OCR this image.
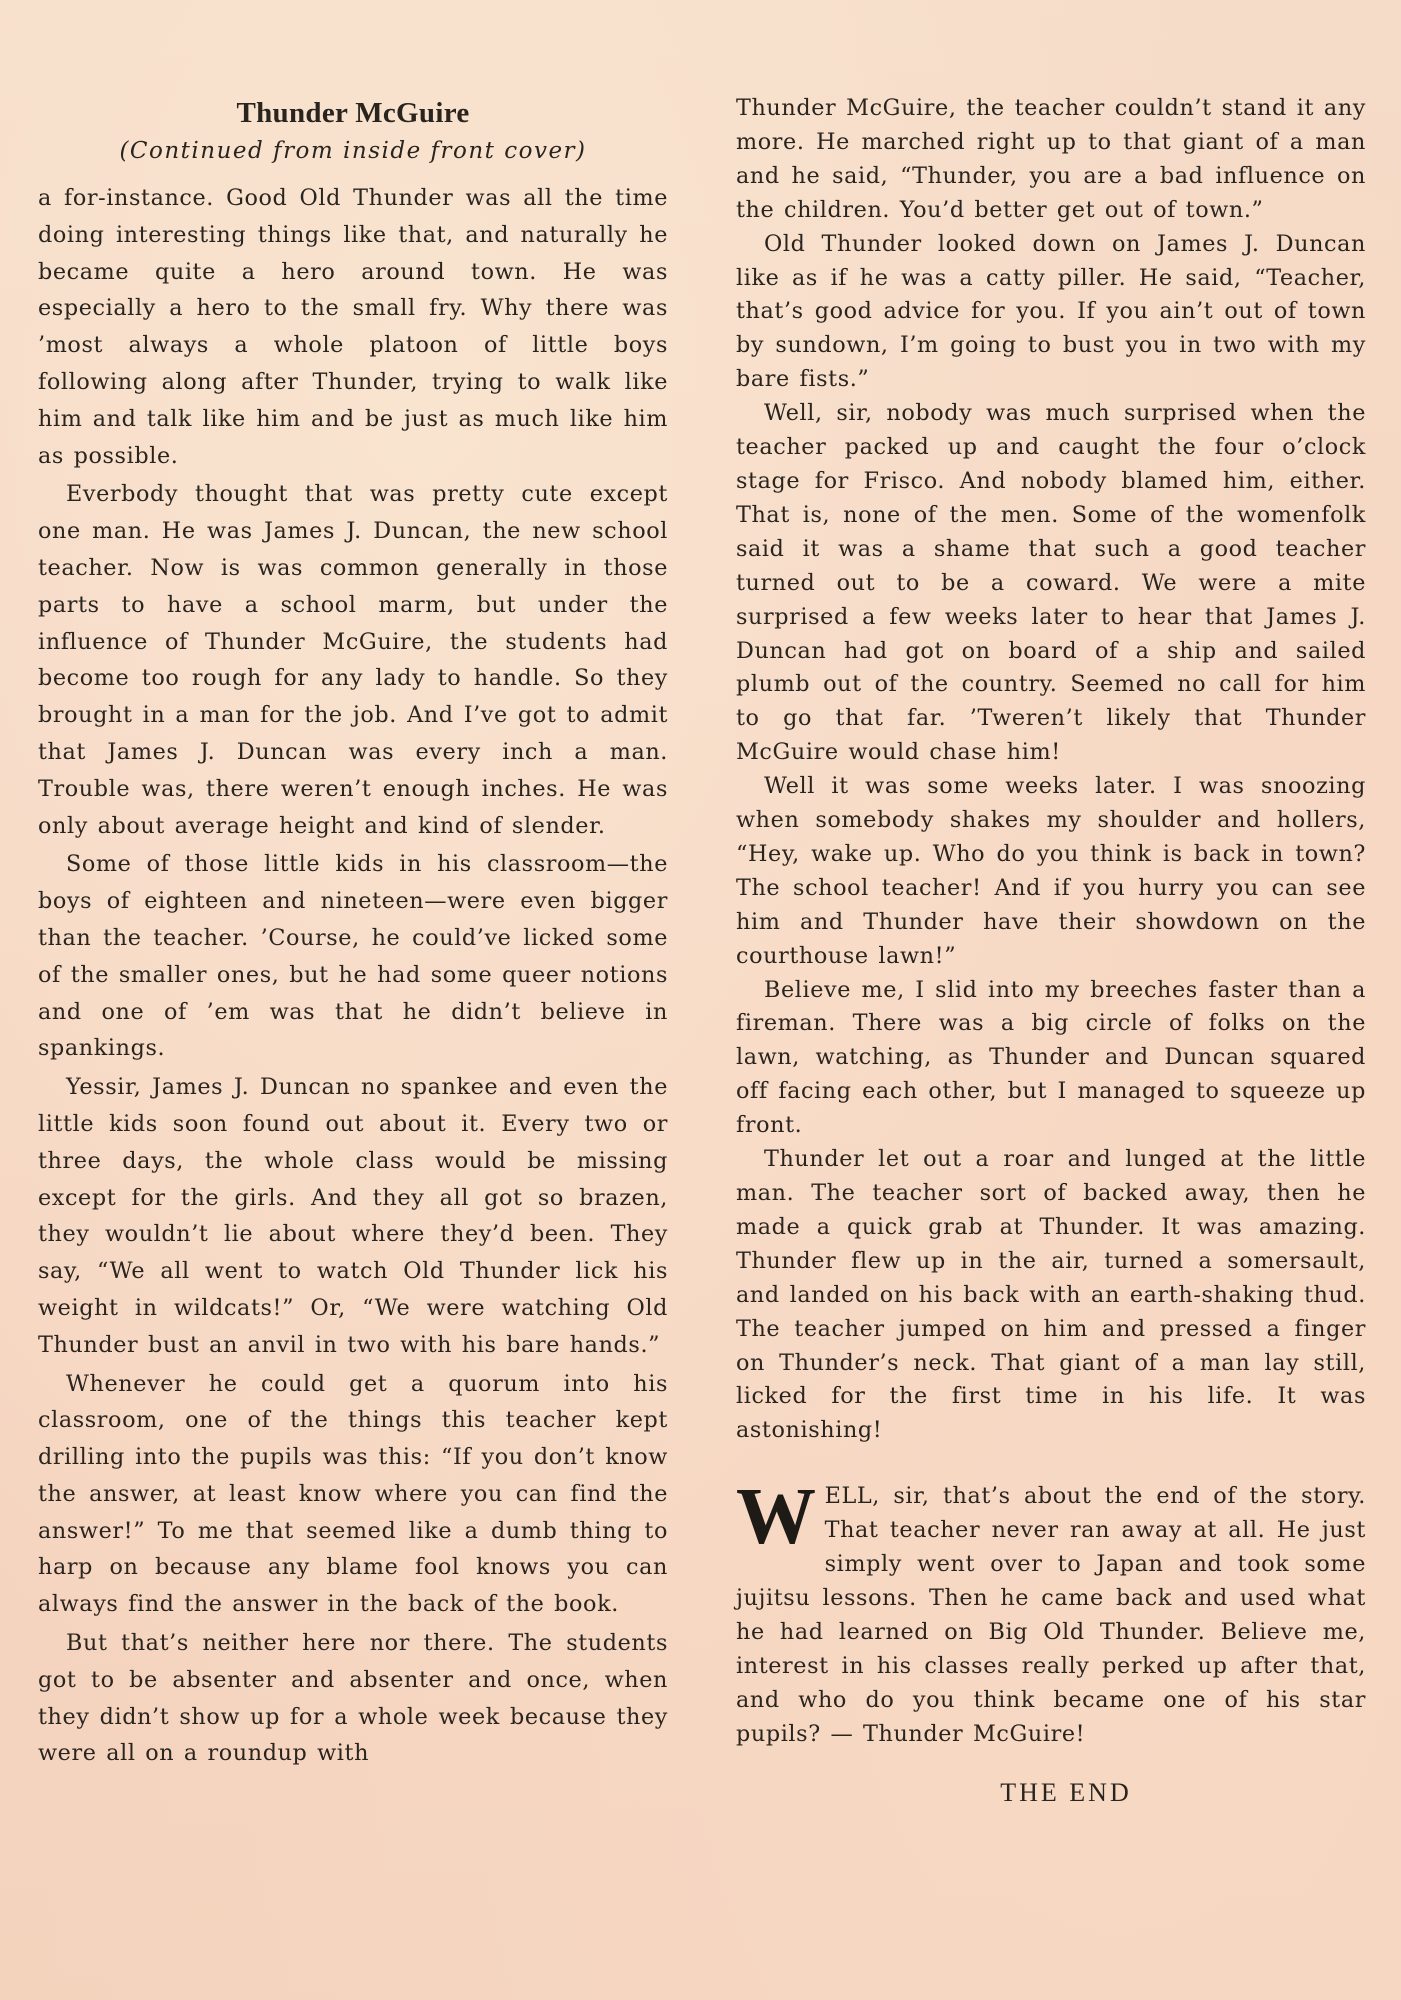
Thunder McGuire
(Continued from inside front cover)

a for-instance. Good Old Thunder was all the time doing interesting things like that, and naturally he became quite a hero around town. He was especially a hero to the small fry. Why there was ’most always a whole platoon of little boys following along after Thunder, trying to walk like him and talk like him and be just as much like him as possible.

Everbody thought that was pretty cute except one man. He was James J. Duncan, the new school teacher. Now is was common generally in those parts to have a school marm, but under the influence of Thunder McGuire, the students had become too rough for any lady to handle. So they brought in a man for the job. And I’ve got to admit that James J. Duncan was every inch a man. Trouble was, there weren’t enough inches. He was only about average height and kind of slender.

Some of those little kids in his classroom—the boys of eighteen and nineteen—were even bigger than the teacher. ’Course, he could’ve licked some of the smaller ones, but he had some queer notions and one of ’em was that he didn’t believe in spankings.

Yessir, James J. Duncan no spankee and even the little kids soon found out about it. Every two or three days, the whole class would be missing except for the girls. And they all got so brazen, they wouldn’t lie about where they’d been. They say, “We all went to watch Old Thunder lick his weight in wildcats!” Or, “We were watching Old Thunder bust an anvil in two with his bare hands.”

Whenever he could get a quorum into his classroom, one of the things this teacher kept drilling into the pupils was this: “If you don’t know the answer, at least know where you can find the answer!” To me that seemed like a dumb thing to harp on because any blame fool knows you can always find the answer in the back of the book.

But that’s neither here nor there. The students got to be absenter and absenter and once, when they didn’t show up for a whole week because they were all on a roundup with

Thunder McGuire, the teacher couldn’t stand it any more. He marched right up to that giant of a man and he said, “Thunder, you are a bad influence on the children. You’d better get out of town.”

Old Thunder looked down on James J. Duncan like as if he was a catty piller. He said, “Teacher, that’s good advice for you. If you ain’t out of town by sundown, I’m going to bust you in two with my bare fists.”

Well, sir, nobody was much surprised when the teacher packed up and caught the four o’clock stage for Frisco. And nobody blamed him, either. That is, none of the men. Some of the womenfolk said it was a shame that such a good teacher turned out to be a coward. We were a mite surprised a few weeks later to hear that James J. Duncan had got on board of a ship and sailed plumb out of the country. Seemed no call for him to go that far. ’Tweren’t likely that Thunder McGuire would chase him!

Well it was some weeks later. I was snoozing when somebody shakes my shoulder and hollers, “Hey, wake up. Who do you think is back in town? The school teacher! And if you hurry you can see him and Thunder have their showdown on the courthouse lawn!”

Believe me, I slid into my breeches faster than a fireman. There was a big circle of folks on the lawn, watching, as Thunder and Duncan squared off facing each other, but I managed to squeeze up front.

Thunder let out a roar and lunged at the little man. The teacher sort of backed away, then he made a quick grab at Thunder. It was amazing. Thunder flew up in the air, turned a somersault, and landed on his back with an earth-shaking thud. The teacher jumped on him and pressed a finger on Thunder’s neck. That giant of a man lay still, licked for the first time in his life. It was astonishing!

WELL, sir, that’s about the end of the story. That teacher never ran away at all. He just simply went over to Japan and took some jujitsu lessons. Then he came back and used what he had learned on Big Old Thunder. Believe me, interest in his classes really perked up after that, and who do you think became one of his star pupils? — Thunder McGuire!
THE END
